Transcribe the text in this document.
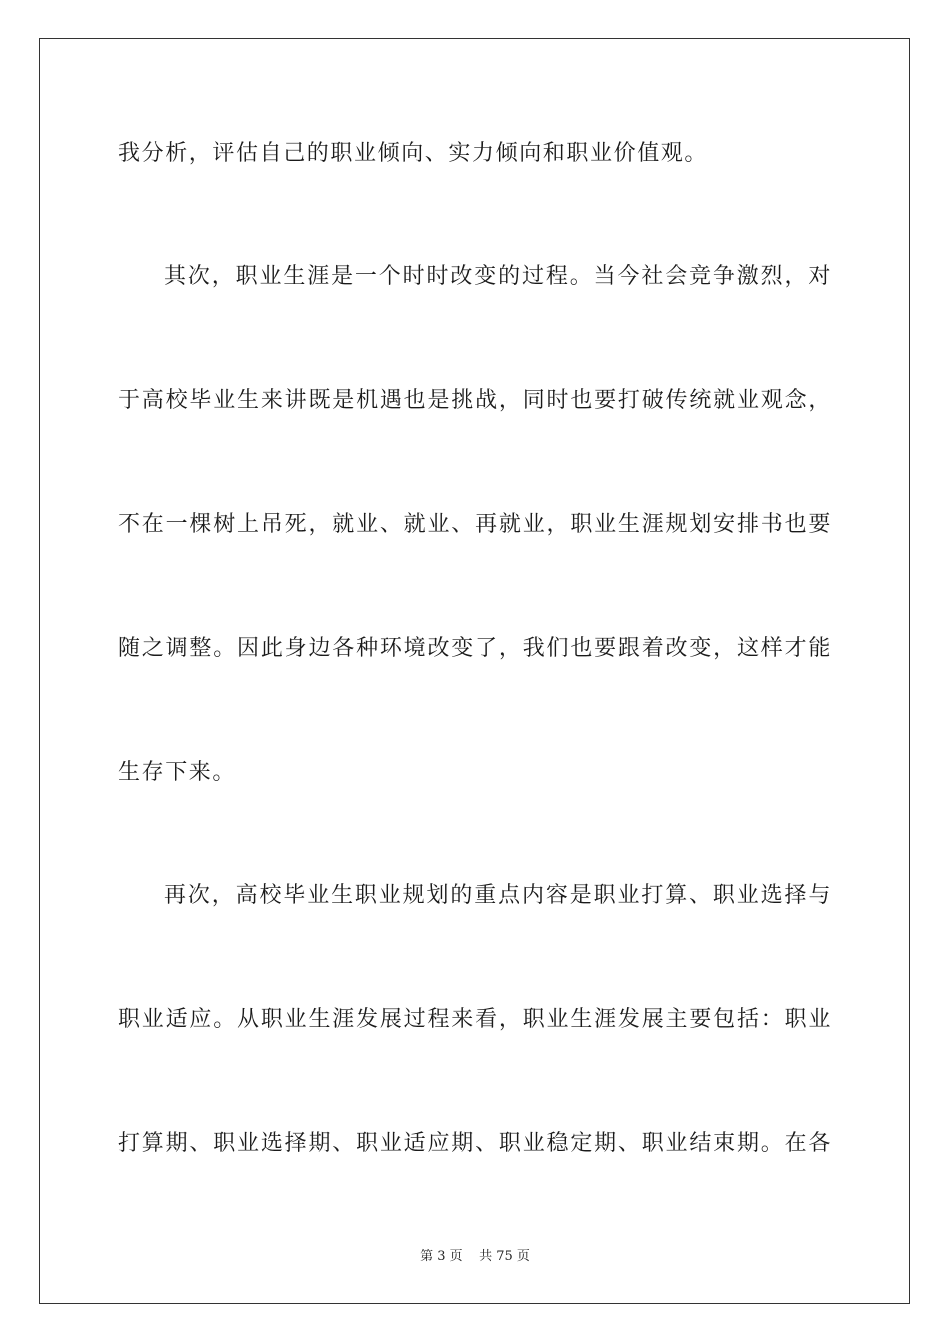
我分析，评估自己的职业倾向、实力倾向和职业价值观。
其次，职业生涯是一个时时改变的过程。当今社会竞争激烈，对
于高校毕业生来讲既是机遇也是挑战，同时也要打破传统就业观念，
不在一棵树上吊死，就业、就业、再就业，职业生涯规划安排书也要
随之调整。因此身边各种环境改变了，我们也要跟着改变，这样才能
生存下来。
再次，高校毕业生职业规划的重点内容是职业打算、职业选择与
职业适应。从职业生涯发展过程来看，职业生涯发展主要包括：职业
打算期、职业选择期、职业适应期、职业稳定期、职业结束期。在各
第 3 页    共 75 页
